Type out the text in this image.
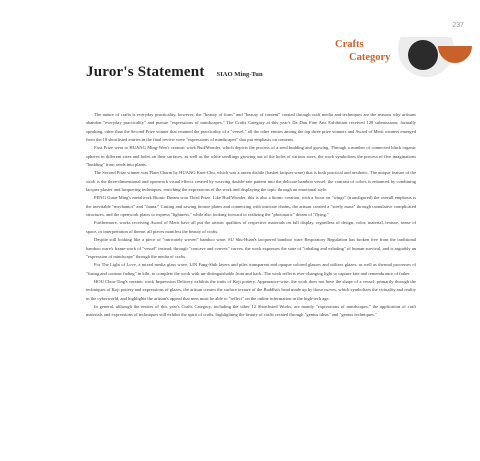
237
Crafts
Category
Juror's Statement SIAO Ming-Tun

The nature of crafts is everyday practicality, however, the "beauty of form" and "beauty of content" created through craft media and techniques are the reasons why artisans abandon "everyday practicality" and pursue "expressions of mindscapes." The Crafts Category at this year's Da Dun Fine Arts Exhibition received 128 submissions; formally speaking, other than the Second Prize winner that retained the practicality of a "vessel," all the other entries among the top three prize winners and Award of Merit winners emerged from the 18 shortlisted entries in the final review were "expressions of mindscapes" that put emphasis on contents.

First Prize went to HUANG Ming-Wen's ceramic work Bud/Wonder, which depicts the process of a seed budding and growing. Through a number of connected black organic spheres in different sizes and holes on their surfaces, as well as the white seedlings growing out of the holes of various sizes, the work symbolizes the process of five imaginations "budding" from seeds into plants.

The Second Prize winner was Plain Charm by HUANG Kuei-Chu, which was a ratten dishile (basket lacquer ware) that is both practical and aesthetic. The unique feature of the work is the three-dimensional and openwork visual effects created by weaving double-rate pattern into the delicate bamboo vessel; the contrast of colors is enhanced by combining lacquer plaster and lacquering techniques, enriching the expressions of the work and displaying the topic through an emotional style.

PENG Guan-Ming's metalwork Bionic Dream won Third Prize. Like Bud/Wonder, this is also a bionic creation, with a focus on "wings" (transfigured) the overall emphasis is the inevitable "mechanics" and "fauna." Cutting and sawing bronze plates and connecting with intricate chains, the artisan created a "steely mass" through cumulative complicated structures, and the openwork plates to express "lightness," while also looking forward to realizing the "photonatic" dream of "flying."

Furthermore, works receiving Award of Merit have all put the artistic qualities of respective materials on full display, regardless of design, color, material, texture, sense of space, or interpretation of theme, all pieces manifest the beauty of crafts.

Despite still looking like a piece of "intricately woven" bamboo ware, SU Shu-Huan's lacquered bamboo ware Respiratory Regulation has broken free from the traditional bamboo ware's frame-work of "vessel" instead, through "concave and convex" curves, the work expresses the state of "inhaling and exhaling" of human survival, and is arguably an "expression of mindscape" through the media of crafts.

For The Light of Love, a mixed media glass wave, LIN Fang-Shih layers and piles transparent and opaque colored glasses and utilizes glazes, as well as thermal processes of "fusing and contour fading" in kiln, to complete the work with un-distinguishable front and back. The work reflects ever-changing light to capture fate and remembrance of father.

HOU Chou-Ting's ceramic work Impression Delivery exhibits the traits of Koji pottery. Appearance-wise, the work does not have the shape of a vessel; primarily through the techniques of Koji pottery and expressions of glazes, the artisan creates the surface texture of the Buddha's head made up by those curves, which symbolizes the virtuality and reality in the cyberworld, and highlights the artisan's appeal that men must be able to "reflect" on the online information in the high-tech age.

In general, although the entries of this year's Crafts Category, including the other 12 Shortlisted Works, are mainly "expressions of mindscapes," the application of craft materials and expressions of techniques still exhibit the spirit of crafts, highlighting the beauty of crafts created through "genius ideas" and "genius techniques."
